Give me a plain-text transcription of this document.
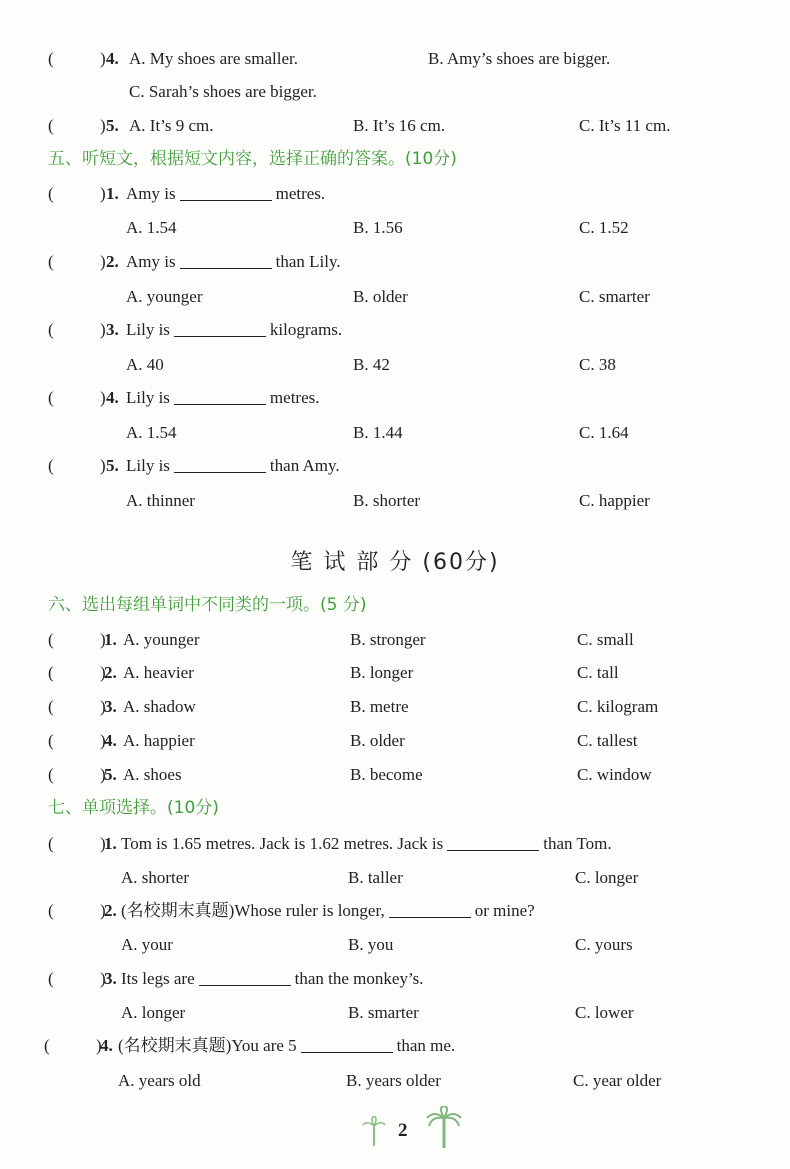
(	) 4. A. My shoes are smaller.	B. Amy’s shoes are bigger.
C. Sarah’s shoes are bigger.
(	) 5. A. It’s 9 cm.	B. It’s 16 cm.	C. It’s 11 cm.
五、听短文，根据短文内容，选择正确的答案。(10分)
(	) 1. Amy is	metres.
A. 1.54	B. 1.56	C. 1.52
(	) 2. Amy is	than Lily.
A. younger	B. older	C. smarter
(	) 3. Lily is	kilograms.
A. 40	B. 42	C. 38
(	) 4. Lily is	metres.
A. 1.54	B. 1.44	C. 1.64
(	) 5. Lily is	than Amy.
A. thinner	B. shorter	C. happier
笔 试 部 分 (60分)
六、选出每组单词中不同类的一项。(5 分)
(	)
1. A. younger	B. stronger	C. small
(	)
2. A. heavier	B. longer	C. tall
(	)
3. A. shadow	B. metre	C. kilogram
(	)
4. A. happier	B. older	C. tallest
(	)
5. A. shoes	B. become	C. window
七、单项选择。(10分)
(	)
1. Tom is 1.65 metres. Jack is 1.62 metres. Jack is	than Tom.
A. shorter	B. taller	C. longer
(	)
2. (名校期末真题)Whose ruler is longer,	or mine?
A. your	B. you	C. yours
(	)
3. Its legs are	than the monkey’s.
A. longer	B. smarter	C. lower
(	)
4. (名校期末真题)You are 5	than me.
A. years old	B. years older	C. year older
2
